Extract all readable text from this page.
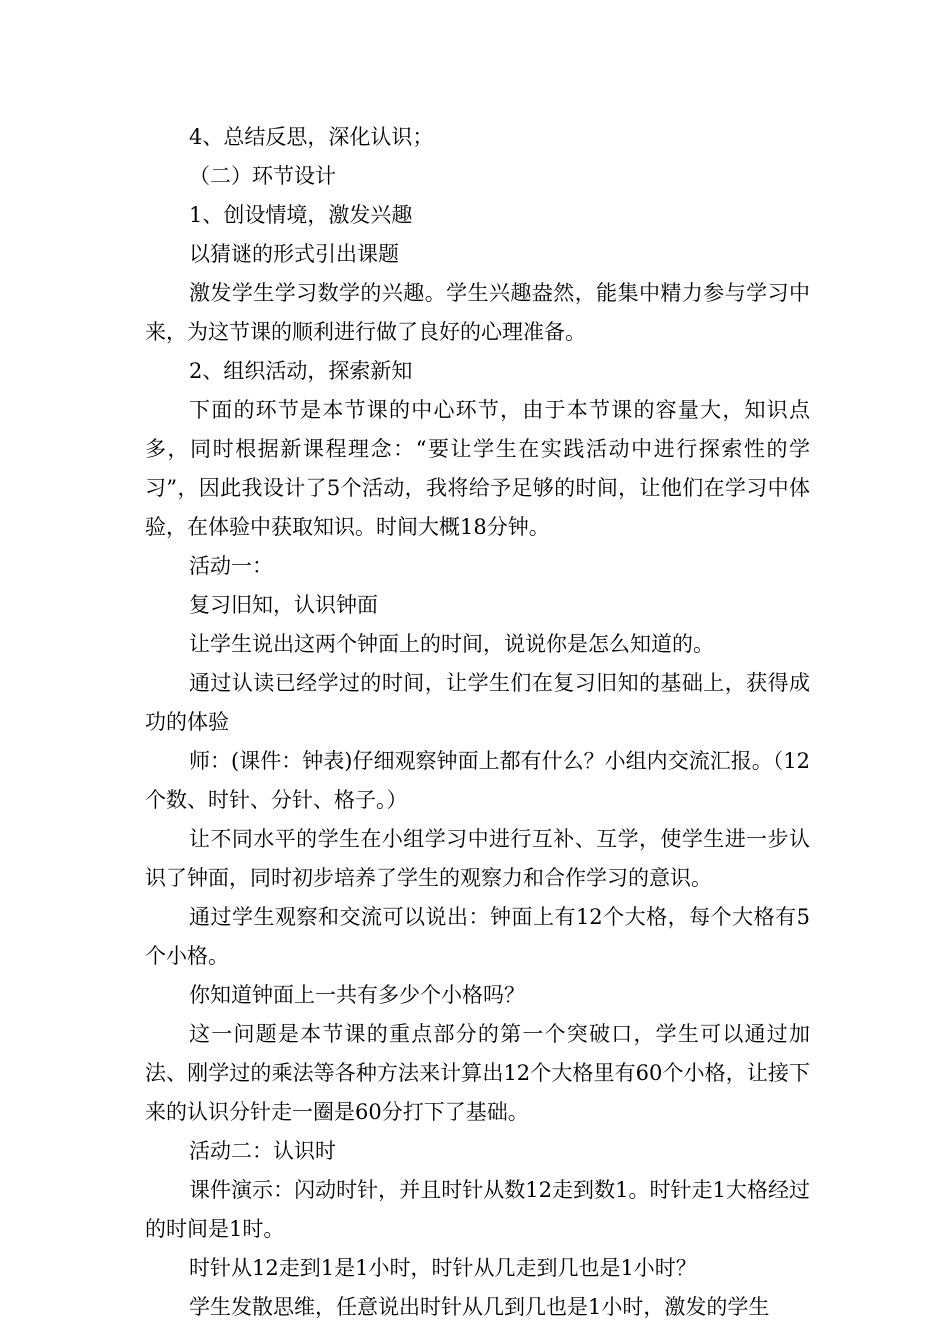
4、总结反思，深化认识；

（二）环节设计

1、创设情境，激发兴趣

以猜谜的形式引出课题

激发学生学习数学的兴趣。学生兴趣盎然，能集中精力参与学习中来，为这节课的顺利进行做了良好的心理准备。

2、组织活动，探索新知

下面的环节是本节课的中心环节，由于本节课的容量大，知识点多，同时根据新课程理念：“要让学生在实践活动中进行探索性的学习”，因此我设计了5个活动，我将给予足够的时间，让他们在学习中体验，在体验中获取知识。时间大概18分钟。

活动一：

复习旧知，认识钟面

让学生说出这两个钟面上的时间，说说你是怎么知道的。

通过认读已经学过的时间，让学生们在复习旧知的基础上，获得成功的体验

师：(课件：钟表)仔细观察钟面上都有什么？小组内交流汇报。（12个数、时针、分针、格子。）

让不同水平的学生在小组学习中进行互补、互学，使学生进一步认识了钟面，同时初步培养了学生的观察力和合作学习的意识。

通过学生观察和交流可以说出：钟面上有12个大格，每个大格有5个小格。

你知道钟面上一共有多少个小格吗？

这一问题是本节课的重点部分的第一个突破口，学生可以通过加法、刚学过的乘法等各种方法来计算出12个大格里有60个小格，让接下来的认识分针走一圈是60分打下了基础。

活动二：认识时

课件演示：闪动时针，并且时针从数12走到数1。时针走1大格经过的时间是1时。

时针从12走到1是1小时，时针从几走到几也是1小时？

学生发散思维，任意说出时针从几到几也是1小时，激发的学生
